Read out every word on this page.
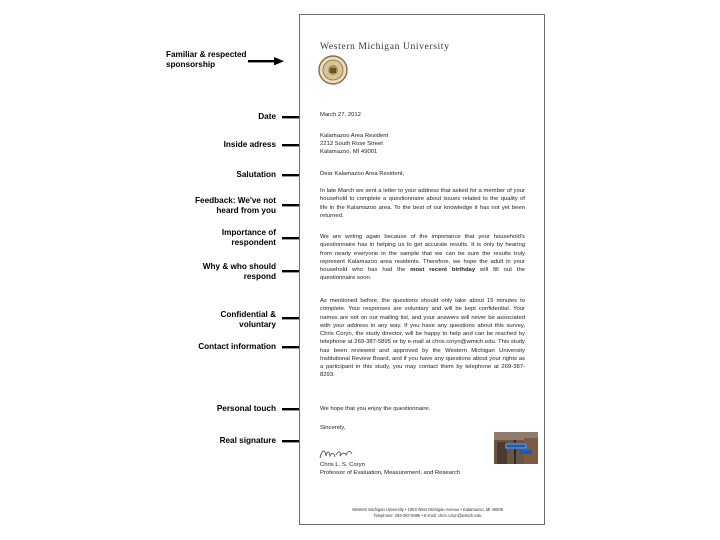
Familiar & respected
sponsorship
Date
Inside adress
Salutation
Feedback: We've not
heard from you
Importance of
respondent
Why & who should
respond
Confidential &
voluntary
Contact information
Personal touch
Real signature
Western Michigan University
March 27, 2012
Kalamazoo Area Resident
2212 South Rose Street
Kalamazoo, MI 49001
Dear Kalamazoo Area Resident,
In late March we sent a letter to your address that asked for a member of your household to complete a questionnaire about issues related to the quality of life in the Kalamazoo area. To the best of our knowledge it has not yet been returned.
We are writing again because of the importance that your household's questionnaire has in helping us to get accurate results. It is only by hearing from nearly everyone in the sample that we can be sure the results truly represent Kalamazoo area residents. Therefore, we hope the adult in your household who has had the most recent birthday will fill out the questionnaire soon.
As mentioned before, the questions should only take about 15 minutes to complete. Your responses are voluntary and will be kept confidential. Your names are not on our mailing list, and your answers will never be associated with your address in any way. If you have any questions about this survey, Chris Coryn, the study director, will be happy to help and can be reached by telephone at 269-387-5895 or by e-mail at chris.coryn@wmich.edu. This study has been reviewed and approved by the Western Michigan University Institutional Review Board, and if you have any questions about your rights as a participant in this study, you may contact them by telephone at 269-387-8293.
We hope that you enjoy the questionnaire.
Sincerely,
Chris L. S. Coryn
Professor of Evaluation, Measurement, and Research
Western Michigan University • 1903 West Michigan Avenue • Kalamazoo, MI 49008
Telephone: 269-387-5895 • E-mail: chris.coryn@wmich.edu
